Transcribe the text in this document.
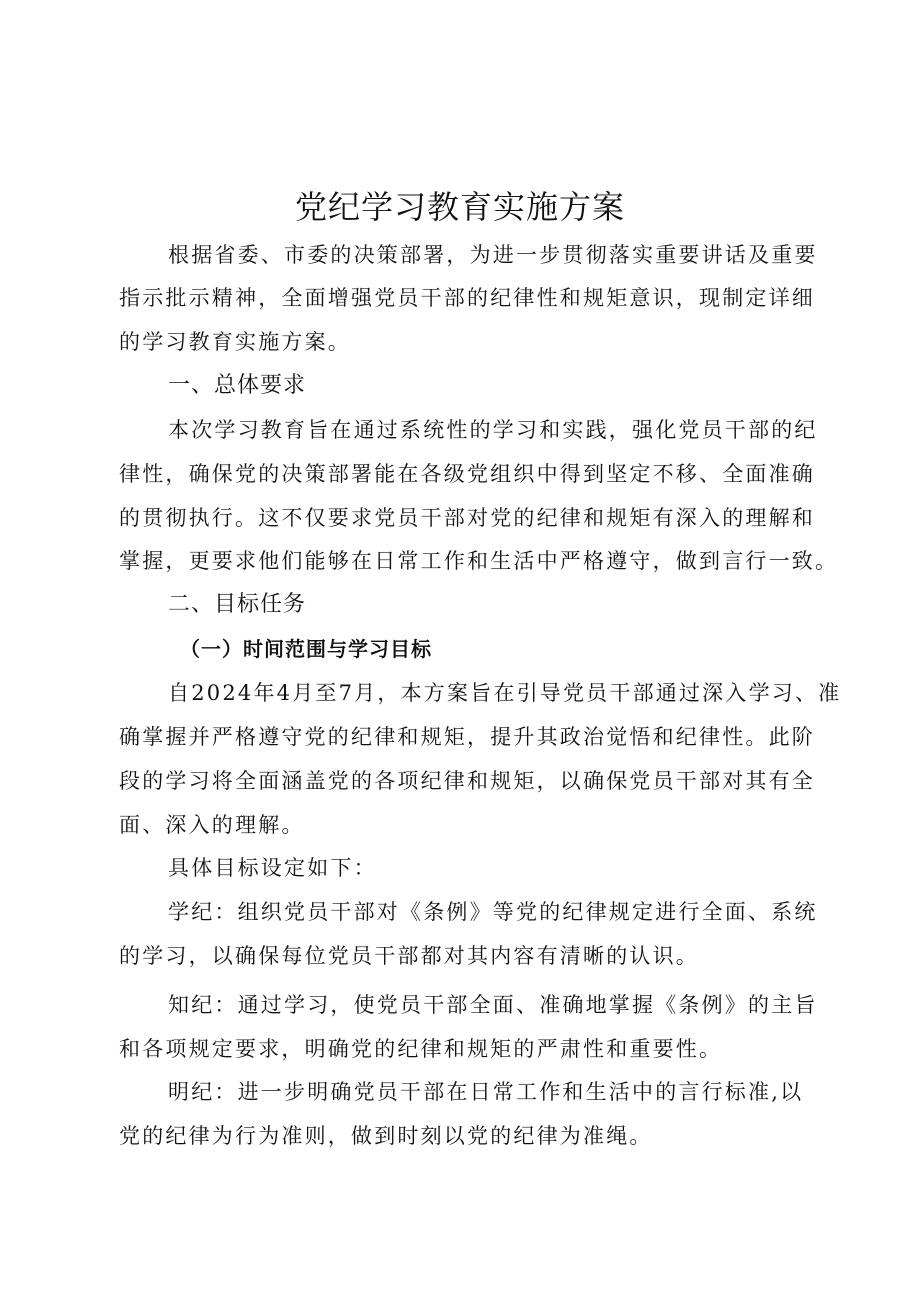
党纪学习教育实施方案
根据省委、市委的决策部署，为进一步贯彻落实重要讲话及重要
指示批示精神，全面增强党员干部的纪律性和规矩意识，现制定详细
的学习教育实施方案。
一、总体要求
本次学习教育旨在通过系统性的学习和实践，强化党员干部的纪
律性，确保党的决策部署能在各级党组织中得到坚定不移、全面准确
的贯彻执行。这不仅要求党员干部对党的纪律和规矩有深入的理解和
掌握，更要求他们能够在日常工作和生活中严格遵守，做到言行一致。
二、目标任务
（一）时间范围与学习目标
自2024年4月至7月，本方案旨在引导党员干部通过深入学习、准
确掌握并严格遵守党的纪律和规矩，提升其政治觉悟和纪律性。此阶
段的学习将全面涵盖党的各项纪律和规矩，以确保党员干部对其有全
面、深入的理解。
具体目标设定如下：
学纪：组织党员干部对《条例》等党的纪律规定进行全面、系统
的学习，以确保每位党员干部都对其内容有清晰的认识。
知纪：通过学习，使党员干部全面、准确地掌握《条例》的主旨
和各项规定要求，明确党的纪律和规矩的严肃性和重要性。
明纪：进一步明确党员干部在日常工作和生活中的言行标准,以
党的纪律为行为准则，做到时刻以党的纪律为准绳。
